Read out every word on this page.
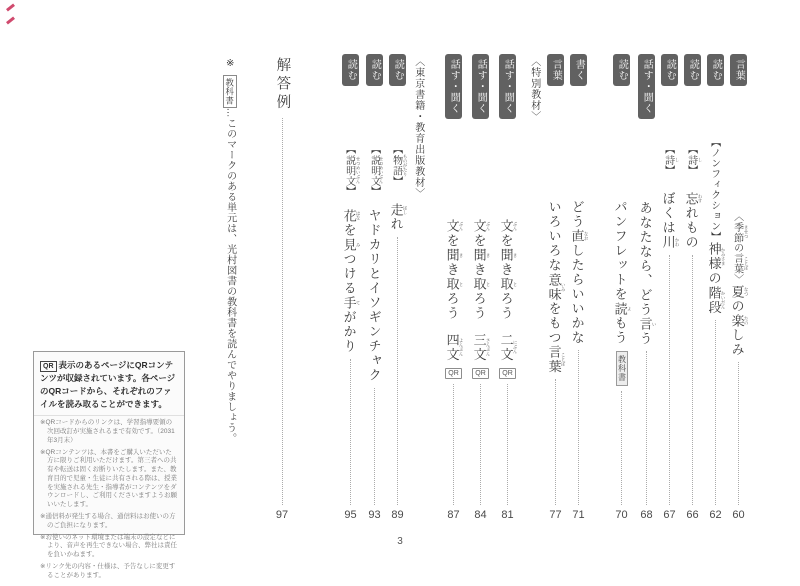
言葉
〈季節 きせつの言葉 ことば〉夏 なつの楽 たのしみ
60
読む
【ノンフィクション】神様 かみさまの階段 かいだん
62
読む
【詩 し】忘 わすれもの
66
読む
【詩 し】ぼくは川 かわ
67
話す・聞く
あなたなら、どう言 いう
68
読む
パンフレットを読 よもう
教科書
70
書く
どう直 なおしたらいいかな
71
言葉
いろいろな意味 いみをもつ言葉 ことば
77
〈特別教材〉
話す・聞く
文 ぶんを聞 きき取 とろう二文 にぶん
QR
81
話す・聞く
文 ぶんを聞 きき取 とろう三文 さんぶん
QR
84
話す・聞く
文 ぶんを聞 きき取 とろう四文 よんぶん
QR
87
〈東京書籍・教育出版教材〉
読む
【物語 ものがたり】走 はしれ
89
読む
【説明文 せつめいぶん】ヤドカリとイソギンチャク
93
読む
【説明文 せつめいぶん】花 はなを見 みつける手 てがかり
95
解答例
97
※教科書…このマークのある単元は、光村図書の教科書を読んでやりましょう。
QR 表示のあるページにQRコンテンツが収録されています。各ページのQRコードから、それぞれのファイルを読み取ることができます。

※QRコードからのリンクは、学習指導要領の次回改訂が実施されるまで有効です。（2031年3月末）

※QRコンテンツは、本書をご購入いただいた方に限りご利用いただけます。第三者への共有や転送は固くお断りいたします。また、教育目的で児童・生徒に共有される際は、授業を実施される先生・指導者がコンテンツをダウンロードし、ご利用くださいますようお願いいたします。

※通信料が発生する場合、通信料はお使いの方のご負担になります。

※お使いのネット環境または端末の設定などにより、音声を再生できない場合、弊社は責任を負いかねます。

※リンク先の内容・仕様は、予告なしに変更することがあります。

3
